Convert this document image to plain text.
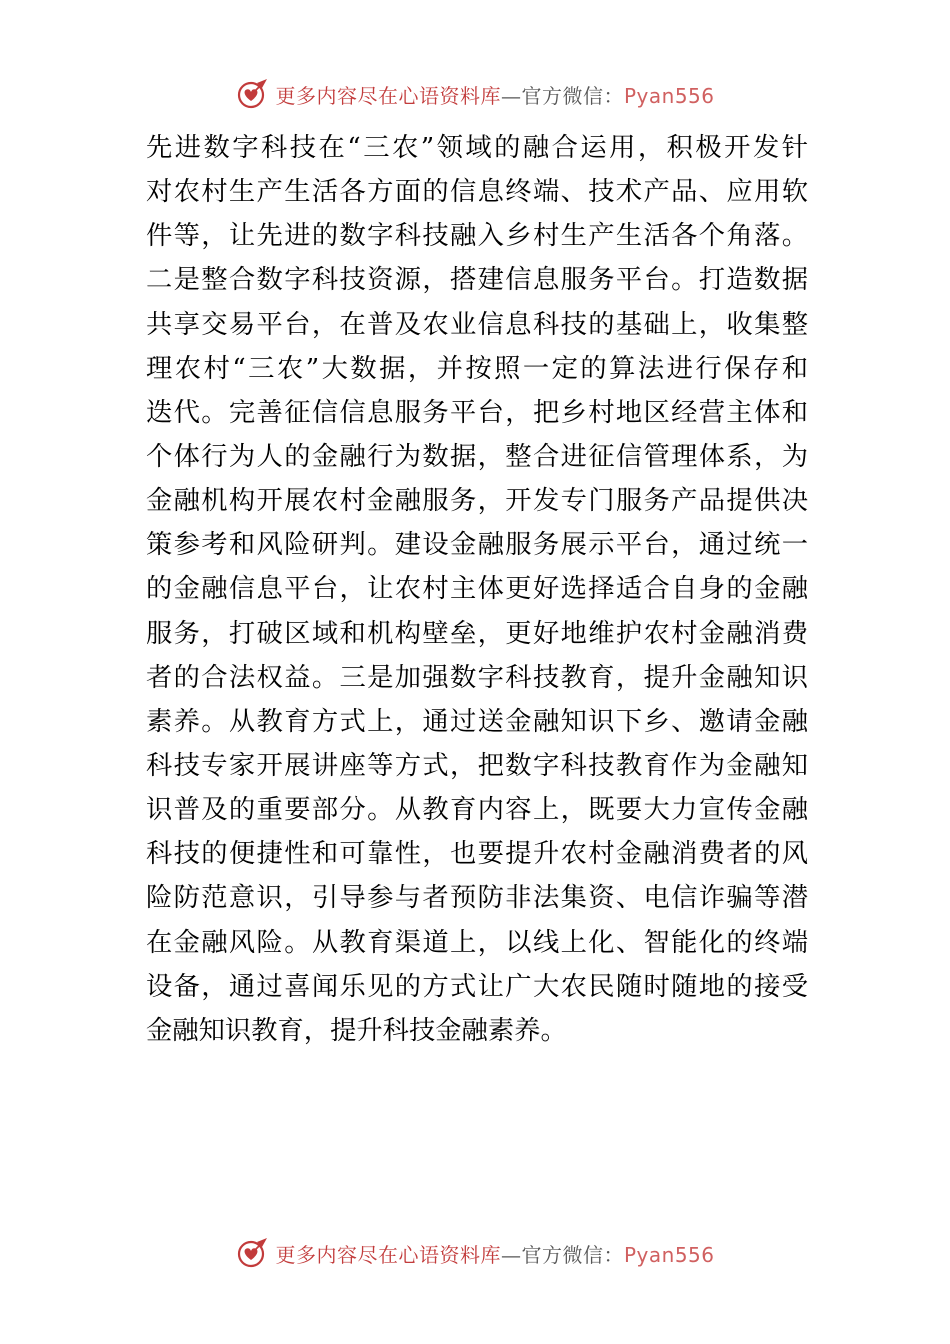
更多内容尽在心语资料库—官方微信：Pyan556
先进数字科技在“三农”领域的融合运用，积极开发针
对农村生产生活各方面的信息终端、技术产品、应用软
件等，让先进的数字科技融入乡村生产生活各个角落。
二是整合数字科技资源，搭建信息服务平台。打造数据
共享交易平台，在普及农业信息科技的基础上，收集整
理农村“三农”大数据，并按照一定的算法进行保存和
迭代。完善征信信息服务平台，把乡村地区经营主体和
个体行为人的金融行为数据，整合进征信管理体系，为
金融机构开展农村金融服务，开发专门服务产品提供决
策参考和风险研判。建设金融服务展示平台，通过统一
的金融信息平台，让农村主体更好选择适合自身的金融
服务，打破区域和机构壁垒，更好地维护农村金融消费
者的合法权益。三是加强数字科技教育，提升金融知识
素养。从教育方式上，通过送金融知识下乡、邀请金融
科技专家开展讲座等方式，把数字科技教育作为金融知
识普及的重要部分。从教育内容上，既要大力宣传金融
科技的便捷性和可靠性，也要提升农村金融消费者的风
险防范意识，引导参与者预防非法集资、电信诈骗等潜
在金融风险。从教育渠道上，以线上化、智能化的终端
设备，通过喜闻乐见的方式让广大农民随时随地的接受
金融知识教育，提升科技金融素养。
更多内容尽在心语资料库—官方微信：Pyan556
